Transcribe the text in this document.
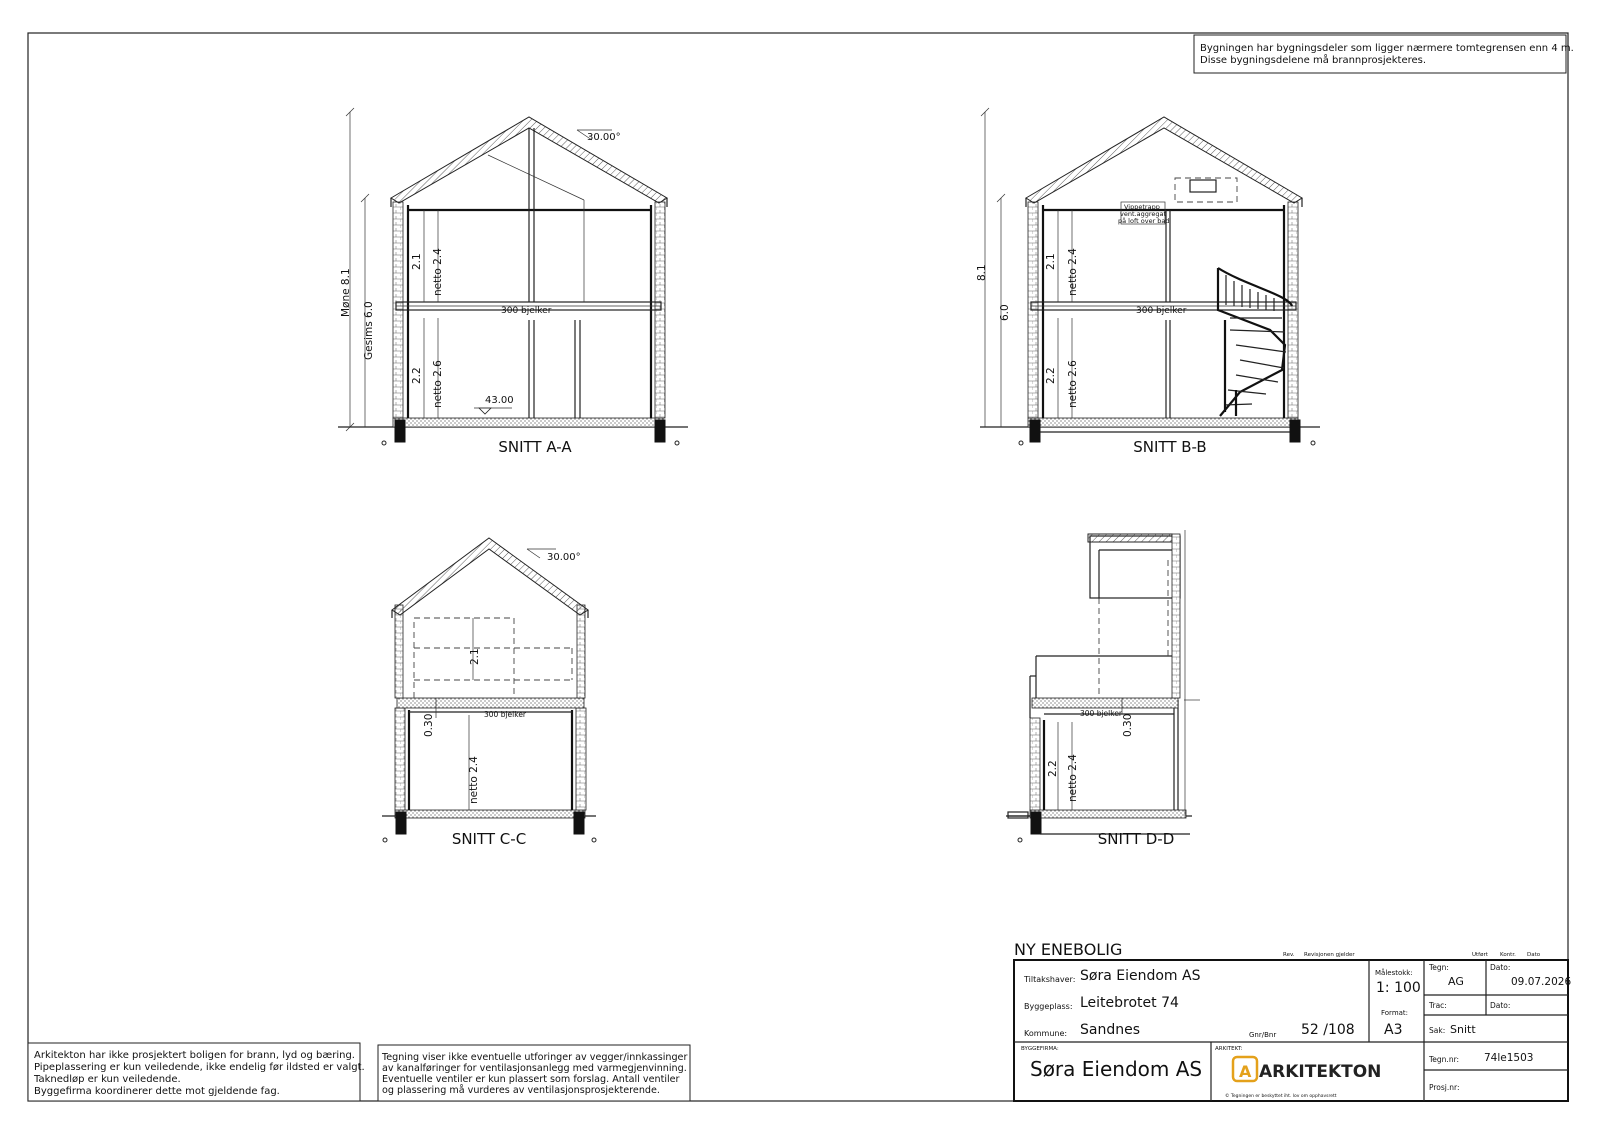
Bygningen har bygningsdeler som ligger nærmere tomtegrensen enn 4 m.
Disse bygningsdelene må brannprosjekteres.
30.00°
Møne 8.1
Gesims 6.0
2.1 netto 2.4
2.2 netto 2.6
300 bjelker
43.00
SNITT A-A
Vippetrapp
vent.aggregat
på loft over bad
8.1
6.0
2.1 netto 2.4
2.2 netto 2.6
300 bjelker
SNITT B-B
30.00°
2.1
0.30	300 bjelker
netto 2.4
SNITT C-C
0.30
300 bjelker
2.2 netto 2.4
SNITT D-D
Arkitekton har ikke prosjektert boligen for brann, lyd og bæring.
Pipeplassering er kun veiledende, ikke endelig før ildsted er valgt.
Taknedløp er kun veiledende.
Byggefirma koordinerer dette mot gjeldende fag.
Tegning viser ikke eventuelle utforinger av vegger/innkassinger
av kanalføringer for ventilasjonsanlegg med varmegjenvinning.
Eventuelle ventiler er kun plassert som forslag. Antall ventiler
og plassering må vurderes av ventilasjonsprosjekterende.
NY ENEBOLIG	Rev. Revisjonen gjelder	Utført Kontr. Dato
Tiltakshaver: Søra Eiendom AS
Byggeplass: Leitebrotet 74
Kommune: Sandnes	Gnr/Bnr 52 /108
Målestokk:
1: 100
Format:
A3
Tegn:
AG
Dato:
09.07.2026
Trac:	Dato:
Sak: Snitt
BYGGEFIRMA:
Søra Eiendom AS
ARKITEKT:
A ARKITEKTON
© Tegningen er beskyttet iht. lov om opphavsrett
Tegn.nr: 74le1503
Prosj.nr:
